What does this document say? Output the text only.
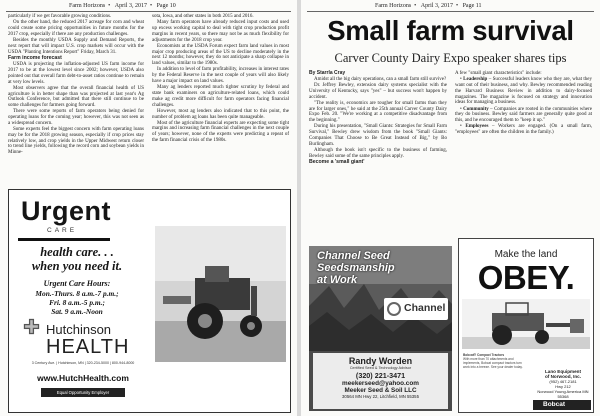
Farm Horizons • April 3, 2017 • Page 10

particularly if we get favorable growing conditions.

On the other hand, the reduced 2017 acreage for corn and wheat could create some pricing opportunities in future months for the 2017 crop, especially if there are any production challenges.

Besides the monthly USDA Supply and Demand Reports, the next report that will impact U.S. crop markets will occur with the USDA "Planting Intentions Report" Friday, March 31.

Farm income forecast

USDA is projecting the inflation-adjusted US farm income for 2017 to be at the lowest level since 2002; however, USDA also pointed out that overall farm debt-to-asset ratios continue to remain at very low levels.

Most observers agree that the overall financial health of US agriculture is in better shape than was projected at last year's Ag Outlook Conference, but admitted that there still continue to be some challenges for farmers going forward.

There were some reports of farm operators being denied for operating loans for the coming year; however, this was not seen as a widespread concern.

Some experts feel the biggest concern with farm operating loans may be for the 2018 growing season, especially if crop prices stay relatively low, and crop yields in the Upper Midwest return closer to trend line yields, following the record corn and soybean yields in Minne-

sota, Iowa, and other states in both 2015 and 2016.

Many farm operators have already reduced input costs and used up excess working capital to deal with tight crop production profit margins in recent years, so there may not be as much flexibility for adjustments for the 2018 crop year.

Economists at the USDA Forum expect farm land values in most major crop producing areas of the US to decline moderately in the next 12 months; however, they do not anticipate a sharp collapse in land values, similar to the 1980s.

In addition to level of farm profitability, increases in interest rates by the Federal Reserve in the next couple of years will also likely have a major impact on land values.

Many ag lenders reported much tighter scrutiny by federal and state bank examiners on agriculture-related loans, which could make ag credit more difficult for farm operators facing financial challenges.

However, most ag lenders also indicated that to this point, the number of problem ag loans has been quite manageable.

Most of the agriculture financial experts are expecting some tight margins and increasing farm financial challenges in the next couple of years; however, none of the experts were predicting a repeat of the farm financial crisis of the 1980s.

Urgent
CARE
health care. . .
when you need it.
Urgent Care Hours:
Mon.-Thurs. 8 a.m.-7 p.m.;
Fri. 8 a.m.-5 p.m.;
Sat. 9 a.m.-Noon
Hutchinson
HEALTH
3 Century Ave. | Hutchinson, MN | 320-234-5000 | 800-944-8000
www.HutchHealth.com
Equal Opportunity Employer
Farm Horizons • April 3, 2017 • Page 11
Small farm survival
Carver County Dairy Expo speaker shares tips
By Starrla Cray

Amidst all the big dairy operations, can a small farm still survive?

Dr. Jeffrey Bewley, extension dairy systems specialist with the University of Kentucky, says "yes" – but success won't happen by accident.

"The reality is, economics are tougher for small farms than they are for larger ones," he said at the 25th annual Carver County Dairy Expo Feb. 20. "We're working at a competitive disadvantage from the beginning."

During his presentation, "Small Giants: Strategies for Small Farm Survival," Bewley drew wisdom from the book "Small Giants: Companies That Choose to Be Great Instead of Big," by Bo Burlingham.

Although the book isn't specific to the business of farming, Bewley said some of the same principles apply.

Become a 'small giant'

A few "small giant characteristics" include:

• Leadership – Successful leaders know who they are, what they want out of their business, and why. Bewley recommended reading the Harvard Business Review in addition to dairy-focused magazines. The magazine is focused on strategy and innovation ideas for managing a business.

• Community – Companies are rooted in the communities where they do business. Bewley said farmers are generally quite good at this, and he encouraged them to "keep it up."

• Employees – Workers are engaged. (On a small farm, "employees" are often the children in the family.)

Channel Seed
Seedsmanship
at Work
Channel
Randy Worden
Certified Seed & Technology Advisor
(320) 221-3471
meekerseed@yahoo.com
Meeker Seed & Soil LLC
30564 MN Hwy 22, Litchfield, MN 55355
Make the land
OBEY.
Bobcat® Compact Tractors
With more than 70 attachments and implements, Bobcat compact tractors turn work into a breeze. See your dealer today.
Lano Equipment
of Norwood, Inc.
(952) 467-2181
Hwy 212
Norwood Young America MN 55368
Bobcat
